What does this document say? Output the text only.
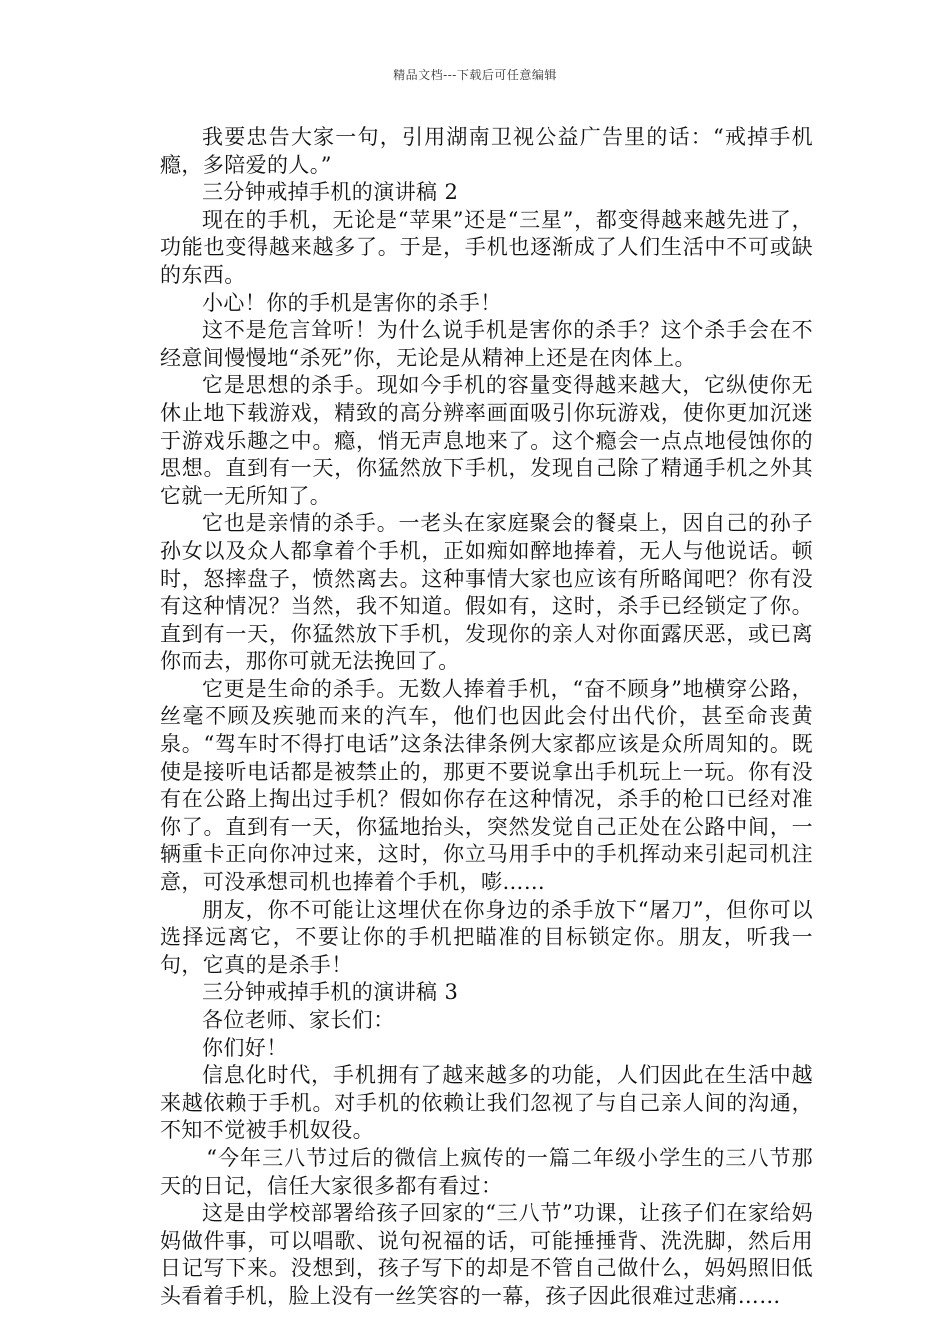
精品文档---下载后可任意编辑

我要忠告大家一句，引用湖南卫视公益广告里的话：“戒掉手机瘾，多陪爱的人。”

三分钟戒掉手机的演讲稿 2

现在的手机，无论是“苹果”还是“三星”，都变得越来越先进了，功能也变得越来越多了。于是，手机也逐渐成了人们生活中不可或缺的东西。

小心！你的手机是害你的杀手！

这不是危言耸听！为什么说手机是害你的杀手？这个杀手会在不经意间慢慢地“杀死”你，无论是从精神上还是在肉体上。

它是思想的杀手。现如今手机的容量变得越来越大，它纵使你无休止地下载游戏，精致的高分辨率画面吸引你玩游戏，使你更加沉迷于游戏乐趣之中。瘾，悄无声息地来了。这个瘾会一点点地侵蚀你的思想。直到有一天，你猛然放下手机，发现自己除了精通手机之外其它就一无所知了。

它也是亲情的杀手。一老头在家庭聚会的餐桌上，因自己的孙子孙女以及众人都拿着个手机，正如痴如醉地捧着，无人与他说话。顿时，怒摔盘子，愤然离去。这种事情大家也应该有所略闻吧？你有没有这种情况？当然，我不知道。假如有，这时，杀手已经锁定了你。直到有一天，你猛然放下手机，发现你的亲人对你面露厌恶，或已离你而去，那你可就无法挽回了。

它更是生命的杀手。无数人捧着手机，“奋不顾身”地横穿公路，丝毫不顾及疾驰而来的汽车，他们也因此会付出代价，甚至命丧黄泉。“驾车时不得打电话”这条法律条例大家都应该是众所周知的。既使是接听电话都是被禁止的，那更不要说拿出手机玩上一玩。你有没有在公路上掏出过手机？假如你存在这种情况，杀手的枪口已经对准你了。直到有一天，你猛地抬头，突然发觉自己正处在公路中间，一辆重卡正向你冲过来，这时，你立马用手中的手机挥动来引起司机注意，可没承想司机也捧着个手机，嘭……

朋友，你不可能让这埋伏在你身边的杀手放下“屠刀”，但你可以选择远离它，不要让你的手机把瞄准的目标锁定你。朋友，听我一句，它真的是杀手！

三分钟戒掉手机的演讲稿 3

各位老师、家长们：

你们好！

信息化时代，手机拥有了越来越多的功能，人们因此在生活中越来越依赖于手机。对手机的依赖让我们忽视了与自己亲人间的沟通，不知不觉被手机奴役。

“今年三八节过后的微信上疯传的一篇二年级小学生的三八节那天的日记，信任大家很多都有看过：

这是由学校部署给孩子回家的“三八节”功课，让孩子们在家给妈妈做件事，可以唱歌、说句祝福的话，可能捶捶背、洗洗脚，然后用日记写下来。没想到，孩子写下的却是不管自己做什么，妈妈照旧低头看着手机，脸上没有一丝笑容的一幕，孩子因此很难过悲痛……
